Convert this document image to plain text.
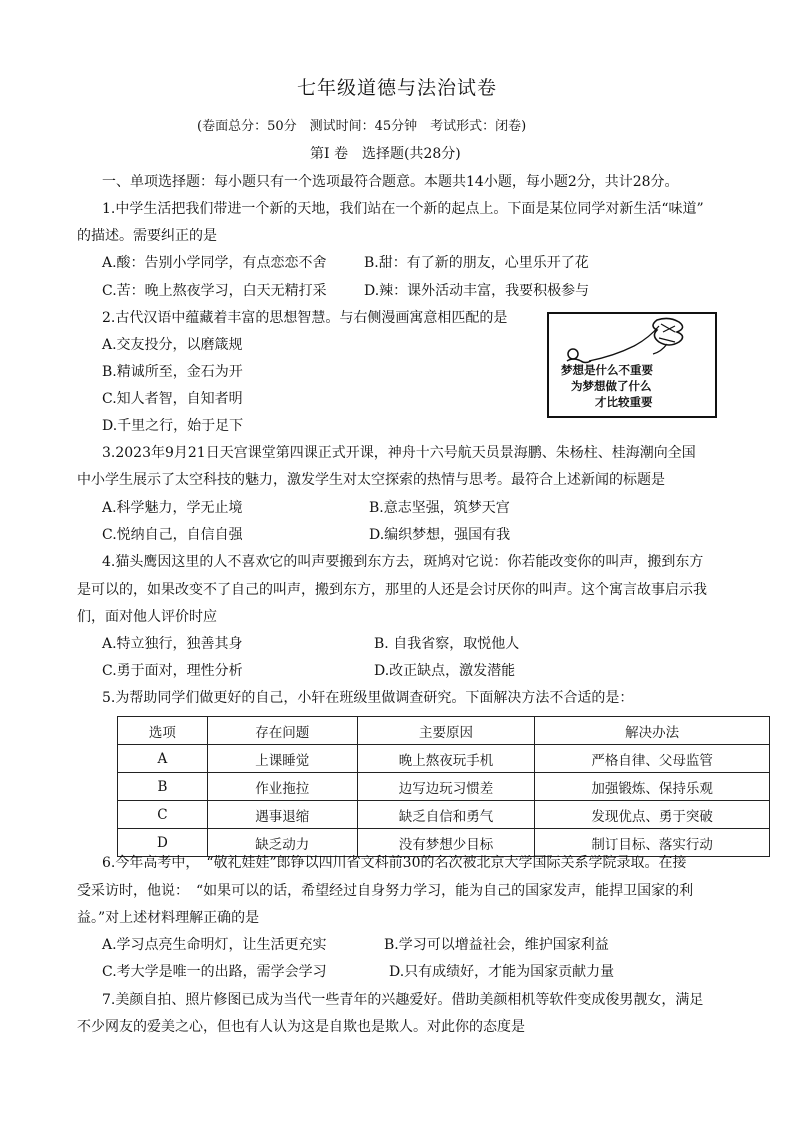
七年级道德与法治试卷
(卷面总分：50分　测试时间：45分钟　考试形式：闭卷)
第Ⅰ 卷　选择题(共28分)
一、单项选择题：每小题只有一个选项最符合题意。本题共14小题，每小题2分，共计28分。
1.中学生活把我们带进一个新的天地，我们站在一个新的起点上。下面是某位同学对新生活“味道”
的描述。需要纠正的是
A.酸：告别小学同学，有点恋恋不舍	B.甜：有了新的朋友，心里乐开了花
C.苦：晚上熬夜学习，白天无精打采	D.辣：课外活动丰富，我要积极参与
2.古代汉语中蕴藏着丰富的思想智慧。与右侧漫画寓意相匹配的是
A.交友投分，以磨箴规
B.精诚所至，金石为开
C.知人者智，自知者明
D.千里之行，始于足下
梦想是什么不重要
为梦想做了什么
才比较重要
3.2023年9月21日天宫课堂第四课正式开课，神舟十六号航天员景海鹏、朱杨柱、桂海潮向全国
中小学生展示了太空科技的魅力，激发学生对太空探索的热情与思考。最符合上述新闻的标题是
A.科学魅力，学无止境	B.意志坚强，筑梦天宫
C.悦纳自己，自信自强	D.编织梦想，强国有我
4.猫头鹰因这里的人不喜欢它的叫声要搬到东方去，斑鸠对它说：你若能改变你的叫声，搬到东方
是可以的，如果改变不了自己的叫声，搬到东方，那里的人还是会讨厌你的叫声。这个寓言故事启示我
们，面对他人评价时应
A.特立独行，独善其身	B. 自我省察，取悦他人
C.勇于面对，理性分析	D.改正缺点，激发潜能
5.为帮助同学们做更好的自己，小轩在班级里做调查研究。下面解决方法不合适的是：
选项	存在问题	主要原因	解决办法
A	上课睡觉	晚上熬夜玩手机	严格自律、父母监管
B	作业拖拉	边写边玩习惯差	加强锻炼、保持乐观
C	遇事退缩	缺乏自信和勇气	发现优点、勇于突破
D	缺乏动力	没有梦想少目标	制订目标、落实行动
6.今年高考中，　“敬礼娃娃”郎铮以四川省文科前30的名次被北京大学国际关系学院录取。在接
受采访时，他说：　“如果可以的话，希望经过自身努力学习，能为自己的国家发声，能捍卫国家的利
益。”对上述材料理解正确的是
A.学习点亮生命明灯，让生活更充实	B.学习可以增益社会，维护国家利益
C.考大学是唯一的出路，需学会学习	D.只有成绩好，才能为国家贡献力量
7.美颜自拍、照片修图已成为当代一些青年的兴趣爱好。借助美颜相机等软件变成俊男靓女，满足
不少网友的爱美之心，但也有人认为这是自欺也是欺人。对此你的态度是
